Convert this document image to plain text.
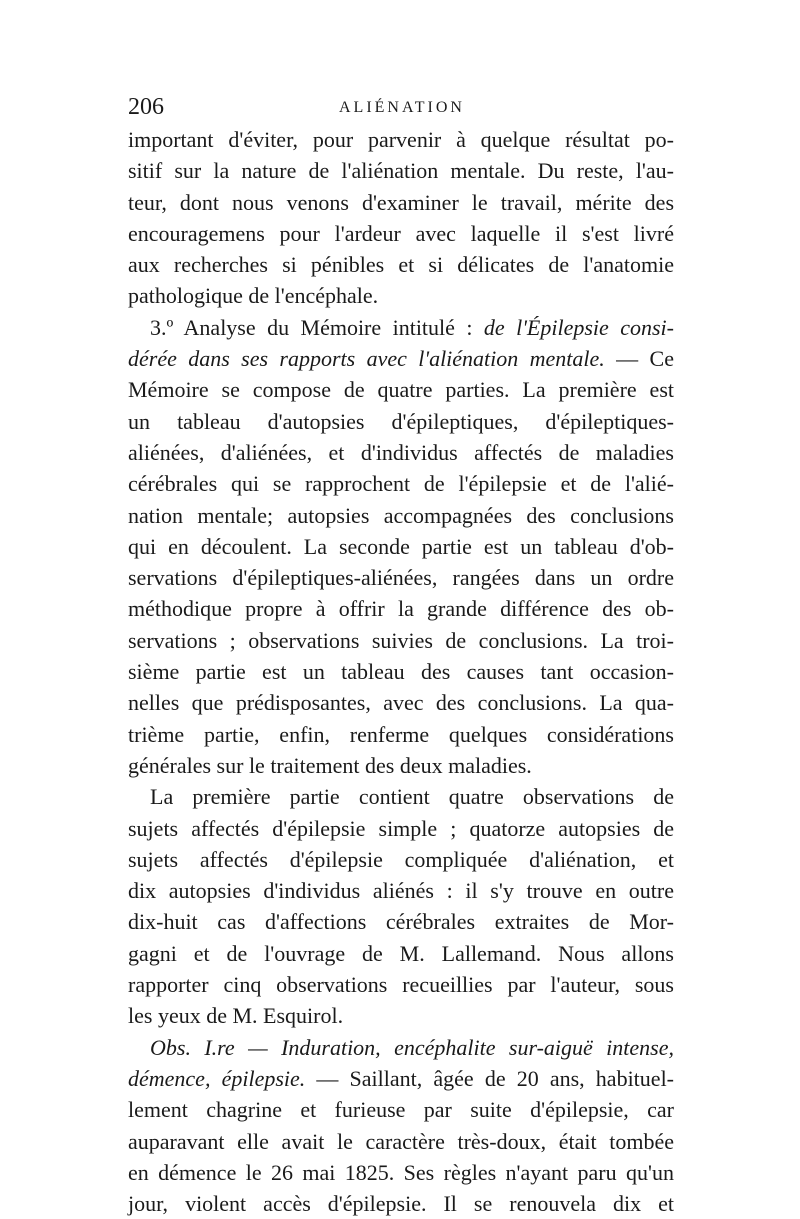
206	ALIÉNATION
important d'éviter, pour parvenir à quelque résultat po-
sitif sur la nature de l'aliénation mentale. Du reste, l'au-
teur, dont nous venons d'examiner le travail, mérite des
encouragemens pour l'ardeur avec laquelle il s'est livré
aux recherches si pénibles et si délicates de l'anatomie
pathologique de l'encéphale.
3.º Analyse du Mémoire intitulé : de l'Épilepsie consi-
dérée dans ses rapports avec l'aliénation mentale. — Ce
Mémoire se compose de quatre parties. La première est
un tableau d'autopsies d'épileptiques, d'épileptiques-
aliénées, d'aliénées, et d'individus affectés de maladies
cérébrales qui se rapprochent de l'épilepsie et de l'alié-
nation mentale; autopsies accompagnées des conclusions
qui en découlent. La seconde partie est un tableau d'ob-
servations d'épileptiques-aliénées, rangées dans un ordre
méthodique propre à offrir la grande différence des ob-
servations ; observations suivies de conclusions. La troi-
sième partie est un tableau des causes tant occasion-
nelles que prédisposantes, avec des conclusions. La qua-
trième partie, enfin, renferme quelques considérations
générales sur le traitement des deux maladies.
La première partie contient quatre observations de
sujets affectés d'épilepsie simple ; quatorze autopsies de
sujets affectés d'épilepsie compliquée d'aliénation, et
dix autopsies d'individus aliénés : il s'y trouve en outre
dix-huit cas d'affections cérébrales extraites de Mor-
gagni et de l'ouvrage de M. Lallemand. Nous allons
rapporter cinq observations recueillies par l'auteur, sous
les yeux de M. Esquirol.
Obs. I.re — Induration, encéphalite sur-aiguë intense,
démence, épilepsie. — Saillant, âgée de 20 ans, habituel-
lement chagrine et furieuse par suite d'épilepsie, car
auparavant elle avait le caractère très-doux, était tombée
en démence le 26 mai 1825. Ses règles n'ayant paru qu'un
jour, violent accès d'épilepsie. Il se renouvela dix et
